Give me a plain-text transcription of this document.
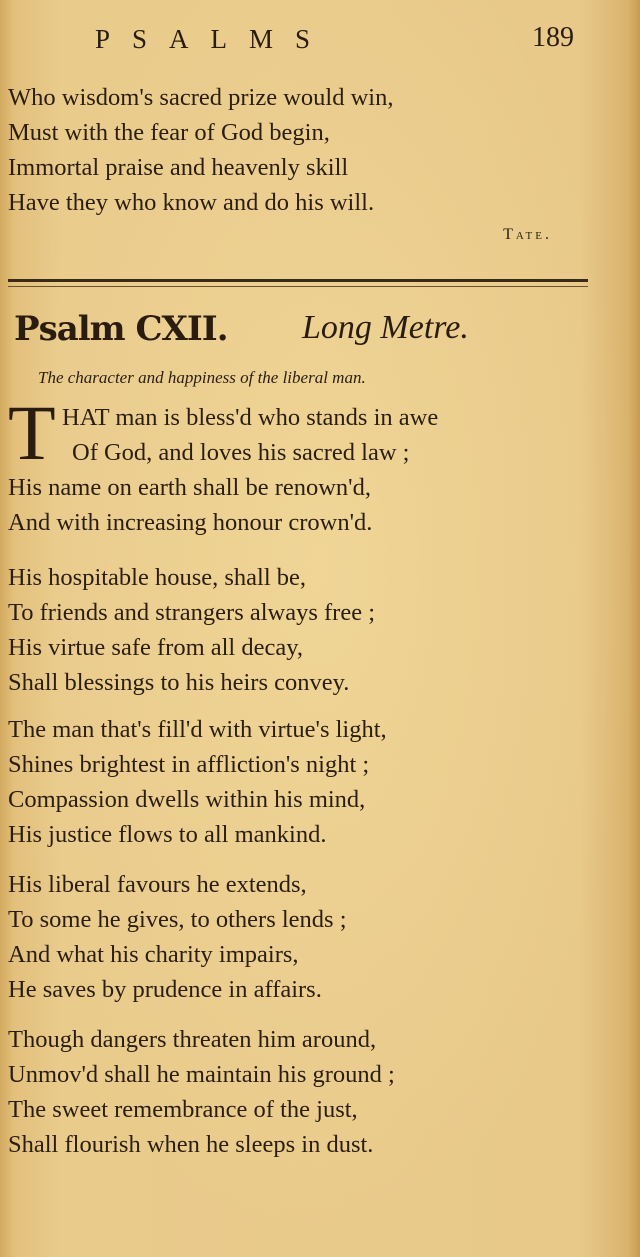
PSALMS	189
Who wisdom's sacred prize would win,
Must with the fear of God begin,
Immortal praise and heavenly skill
Have they who know and do his will.
Tate.
Psalm CXII. Long Metre.
The character and happiness of the liberal man.
T HAT man is bless'd who stands in awe
Of God, and loves his sacred law ;
His name on earth shall be renown'd,
And with increasing honour crown'd.
His hospitable house, shall be,
To friends and strangers always free ;
His virtue safe from all decay,
Shall blessings to his heirs convey.
The man that's fill'd with virtue's light,
Shines brightest in affliction's night ;
Compassion dwells within his mind,
His justice flows to all mankind.
His liberal favours he extends,
To some he gives, to others lends ;
And what his charity impairs,
He saves by prudence in affairs.
Though dangers threaten him around,
Unmov'd shall he maintain his ground ;
The sweet remembrance of the just,
Shall flourish when he sleeps in dust.
